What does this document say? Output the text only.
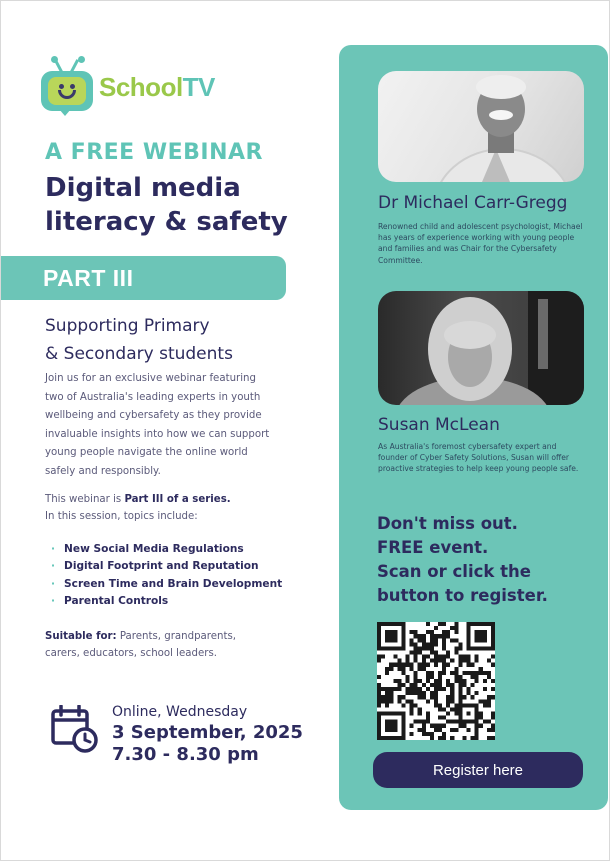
SchoolTV
A FREE WEBINAR
Digital media
literacy & safety
PART III
Supporting Primary
& Secondary students

Join us for an exclusive webinar featuring two of Australia's leading experts in youth wellbeing and cybersafety as they provide invaluable insights into how we can support young people navigate the online world safely and responsibly.

This webinar is Part III of a series.
In this session, topics include:
· New Social Media Regulations
· Digital Footprint and Reputation
· Screen Time and Brain Development
· Parental Controls

Suitable for: Parents, grandparents, carers, educators, school leaders.

Online, Wednesday
3 September, 2025
7.30 - 8.30 pm
Dr Michael Carr-Gregg

Renowned child and adolescent psychologist, Michael has years of experience working with young people and families and was Chair for the Cybersafety Committee.

Susan McLean

As Australia's foremost cybersafety expert and founder of Cyber Safety Solutions, Susan will offer proactive strategies to help keep young people safe.

Don't miss out.
FREE event.
Scan or click the
button to register.
Register here
